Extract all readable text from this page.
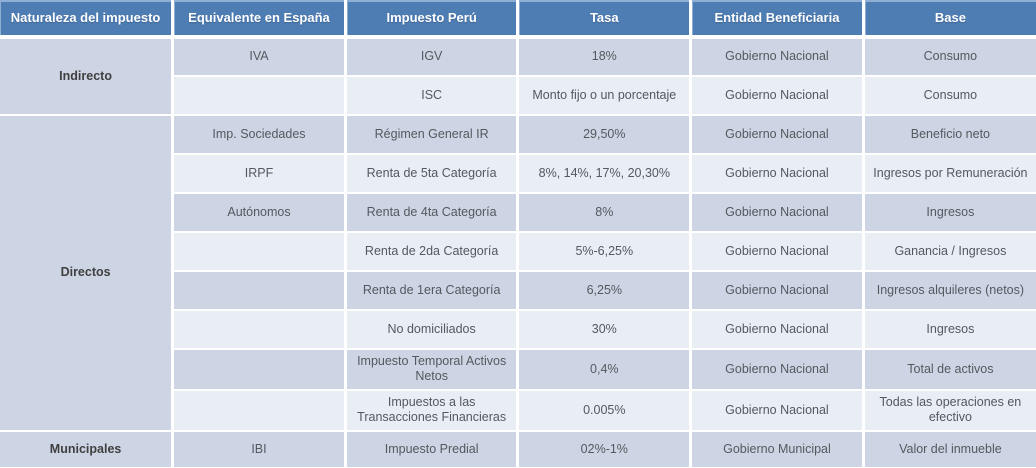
Naturaleza del impuesto	Equivalente en España	Impuesto Perú	Tasa	Entidad Beneficiaria	Base
Indirecto	IVA	IGV	18%	Gobierno Nacional	Consumo
		ISC	Monto fijo o un porcentaje	Gobierno Nacional	Consumo
Directos	Imp. Sociedades	Régimen General IR	29,50%	Gobierno Nacional	Beneficio neto
	IRPF	Renta de 5ta Categoría	8%, 14%, 17%, 20,30%	Gobierno Nacional	Ingresos por Remuneración
	Autónomos	Renta de 4ta Categoría	8%	Gobierno Nacional	Ingresos
		Renta de 2da Categoría	5%-6,25%	Gobierno Nacional	Ganancia / Ingresos
		Renta de 1era Categoría	6,25%	Gobierno Nacional	Ingresos alquileres (netos)
		No domiciliados	30%	Gobierno Nacional	Ingresos
		Impuesto Temporal Activos Netos	0,4%	Gobierno Nacional	Total de activos
		Impuestos a las Transacciones Financieras	0.005%	Gobierno Nacional	Todas las operaciones en efectivo
Municipales	IBI	Impuesto Predial	02%-1%	Gobierno Municipal	Valor del inmueble
